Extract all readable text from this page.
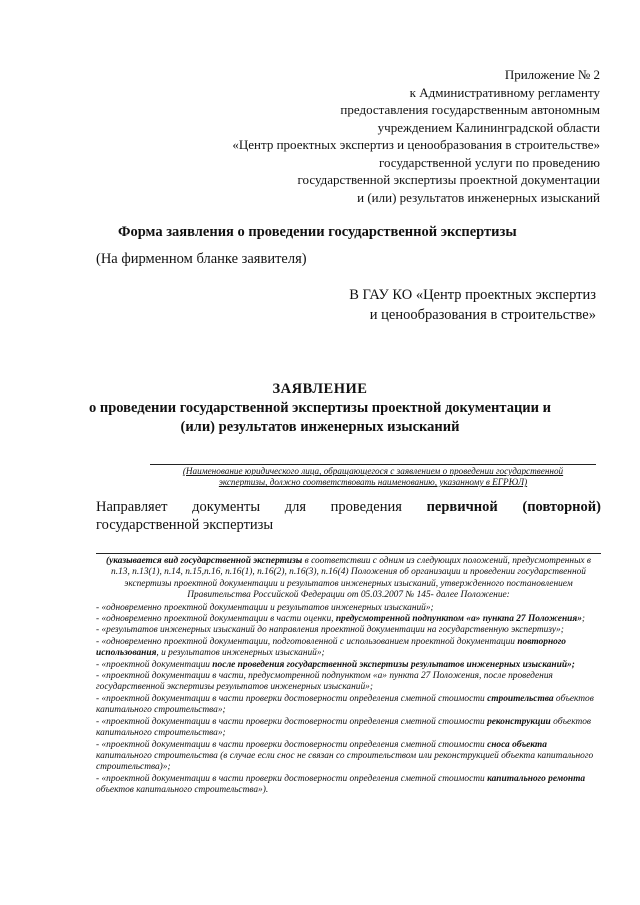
Приложение № 2
к Административному регламенту
предоставления государственным автономным
учреждением Калининградской области
«Центр проектных экспертиз и ценообразования в строительстве»
государственной услуги по проведению
государственной экспертизы проектной документации
и (или) результатов инженерных изысканий
Форма заявления о проведении государственной экспертизы
(На фирменном бланке заявителя)
В ГАУ КО «Центр проектных экспертиз
и ценообразования в строительстве»
ЗАЯВЛЕНИЕ
о проведении государственной экспертизы проектной документации и
(или) результатов инженерных изысканий
(Наименование юридического лица, обращающегося с заявлением о проведении государственной
экспертизы, должно соответствовать наименованию, указанному в ЕГРЮЛ)
Направляет документы для проведения первичной (повторной)
государственной экспертизы
(указывается вид государственной экспертизы в соответствии с одним из следующих положений, предусмотренных в п.13, п.13(1), п.14, п.15,п.16, п.16(1), п.16(2), п.16(3), п.16(4) Положения об организации и проведении государственной экспертизы проектной документации и результатов инженерных изысканий, утвержденного постановлением Правительства Российской Федерации от 05.03.2007 № 145- далее Положение:
- «одновременно проектной документации и результатов инженерных изысканий»;
- «одновременно проектной документации в части оценки, предусмотренной подпунктом «а» пункта 27 Положения»;
- «результатов инженерных изысканий до направления проектной документации на государственную экспертизу»;
- «одновременно проектной документации, подготовленной с использованием проектной документации повторного использования, и результатов инженерных изысканий»;
- «проектной документации после проведения государственной экспертизы результатов инженерных изысканий»;
- «проектной документации в части, предусмотренной подпунктом «а» пункта 27 Положения, после проведения государственной экспертизы результатов инженерных изысканий»;
- «проектной документации в части проверки достоверности определения сметной стоимости строительства объектов капитального строительства»;
- «проектной документации в части проверки достоверности определения сметной стоимости реконструкции объектов капитального строительства»;
- «проектной документации в части проверки достоверности определения сметной стоимости сноса объекта капитального строительства (в случае если снос не связан со строительством или реконструкцией объекта капитального строительства)»;
- «проектной документации в части проверки достоверности определения сметной стоимости капитального ремонта объектов капитального строительства»).
